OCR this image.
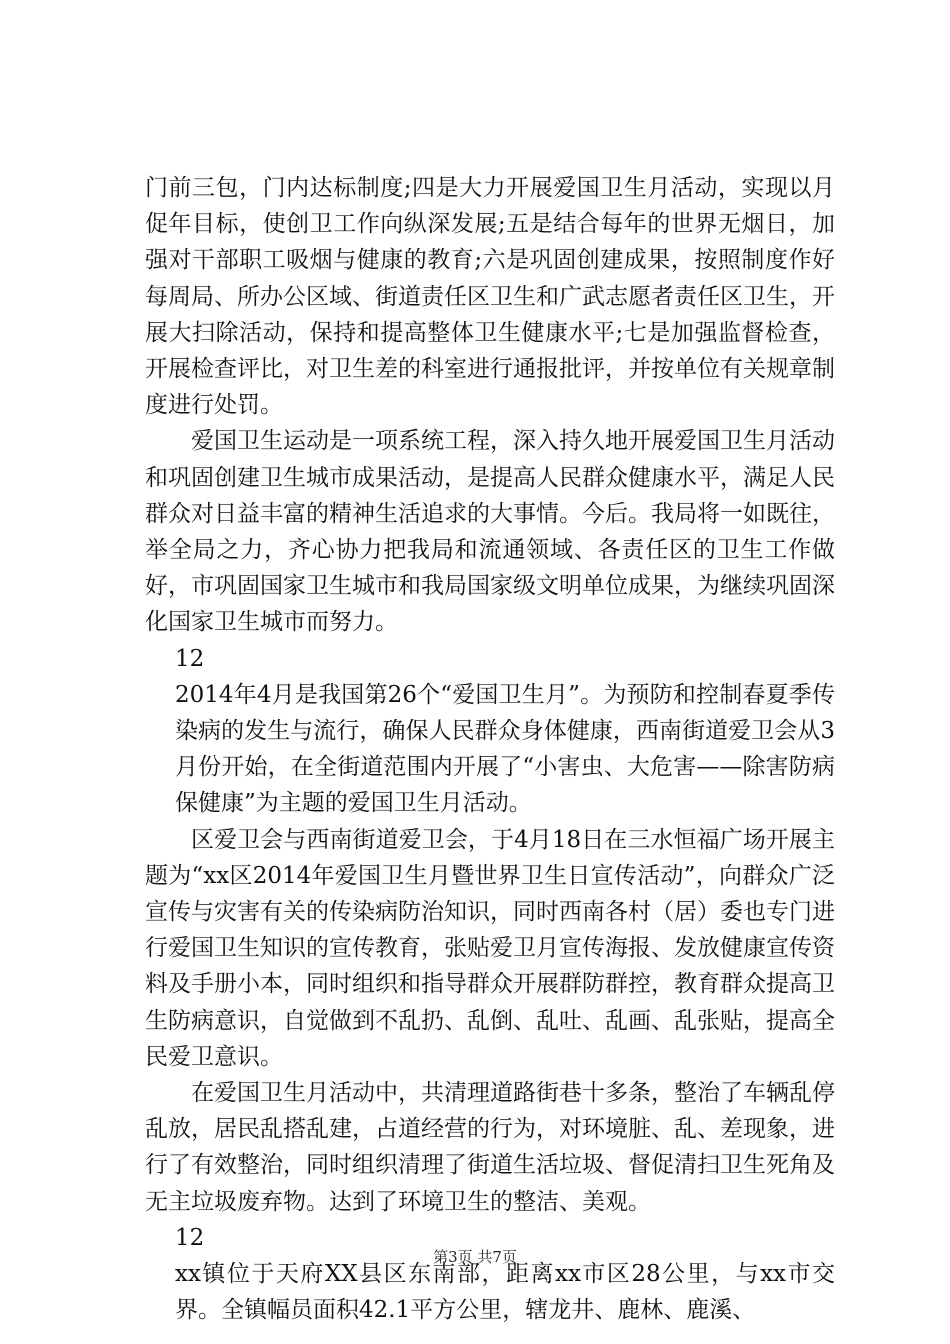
门前三包，门内达标制度;四是大力开展爱国卫生月活动，实现以月促年目标，使创卫工作向纵深发展;五是结合每年的世界无烟日，加强对干部职工吸烟与健康的教育;六是巩固创建成果，按照制度作好每周局、所办公区域、街道责任区卫生和广武志愿者责任区卫生，开展大扫除活动，保持和提高整体卫生健康水平;七是加强监督检查，开展检查评比，对卫生差的科室进行通报批评，并按单位有关规章制度进行处罚。

爱国卫生运动是一项系统工程，深入持久地开展爱国卫生月活动和巩固创建卫生城市成果活动，是提高人民群众健康水平，满足人民群众对日益丰富的精神生活追求的大事情。今后。我局将一如既往，举全局之力，齐心协力把我局和流通领域、各责任区的卫生工作做好，市巩固国家卫生城市和我局国家级文明单位成果，为继续巩固深化国家卫生城市而努力。

12

2014年4月是我国第26个“爱国卫生月”。为预防和控制春夏季传染病的发生与流行，确保人民群众身体健康，西南街道爱卫会从3月份开始，在全街道范围内开展了“小害虫、大危害——除害防病保健康”为主题的爱国卫生月活动。

区爱卫会与西南街道爱卫会，于4月18日在三水恒福广场开展主题为“xx区2014年爱国卫生月暨世界卫生日宣传活动”，向群众广泛宣传与灾害有关的传染病防治知识，同时西南各村（居）委也专门进行爱国卫生知识的宣传教育，张贴爱卫月宣传海报、发放健康宣传资料及手册小本，同时组织和指导群众开展群防群控，教育群众提高卫生防病意识，自觉做到不乱扔、乱倒、乱吐、乱画、乱张贴，提高全民爱卫意识。

在爱国卫生月活动中，共清理道路街巷十多条，整治了车辆乱停乱放，居民乱搭乱建，占道经营的行为，对环境脏、乱、差现象，进行了有效整治，同时组织清理了街道生活垃圾、督促清扫卫生死角及无主垃圾废弃物。达到了环境卫生的整洁、美观。

12

xx镇位于天府XX县区东南部，距离xx市区28公里，与xx市交界。全镇幅员面积42.1平方公里，辖龙井、鹿林、鹿溪、

第3页 共7页
